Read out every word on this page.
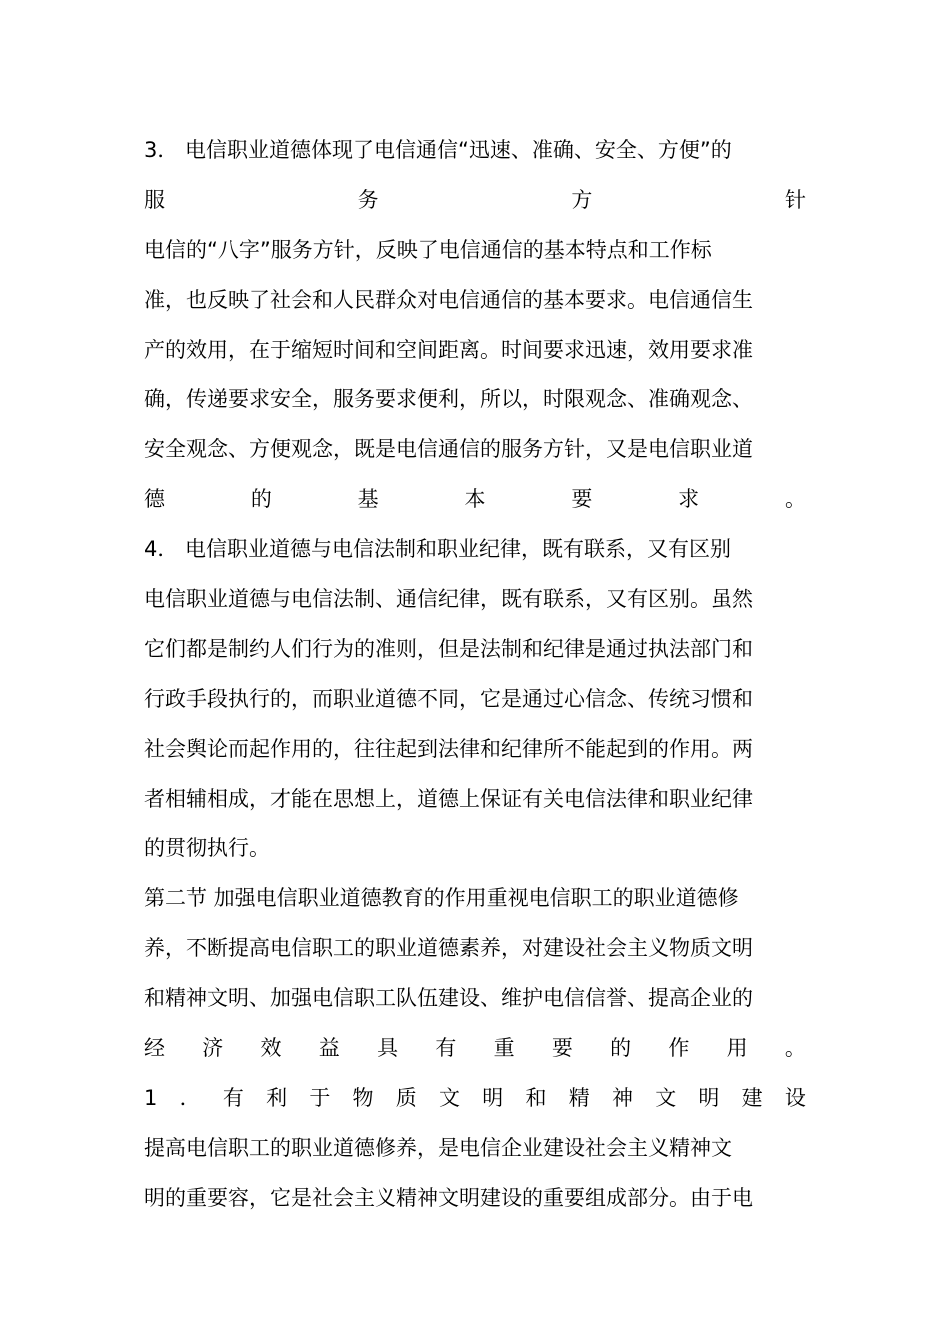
3． 电信职业道德体现了电信通信“迅速、准确、安全、方便”的
服	务	方	针
电信的“八字”服务方针，反映了电信通信的基本特点和工作标
准，也反映了社会和人民群众对电信通信的基本要求。电信通信生
产的效用，在于缩短时间和空间距离。时间要求迅速，效用要求准
确，传递要求安全，服务要求便利，所以，时限观念、准确观念、
安全观念、方便观念，既是电信通信的服务方针，又是电信职业道
德	的	基	本	要	求	。
4． 电信职业道德与电信法制和职业纪律，既有联系，又有区别
电信职业道德与电信法制、通信纪律，既有联系，又有区别。虽然
它们都是制约人们行为的准则，但是法制和纪律是通过执法部门和
行政手段执行的，而职业道德不同，它是通过心信念、传统习惯和
社会舆论而起作用的，往往起到法律和纪律所不能起到的作用。两
者相辅相成，才能在思想上，道德上保证有关电信法律和职业纪律
的贯彻执行。
第二节 加强电信职业道德教育的作用重视电信职工的职业道德修
养，不断提高电信职工的职业道德素养，对建设社会主义物质文明
和精神文明、加强电信职工队伍建设、维护电信信誉、提高企业的
经 济 效 益 具 有 重 要 的 作 用 。
1 ． 有 利 于 物 质 文 明 和 精 神 文 明 建 设
提高电信职工的职业道德修养，是电信企业建设社会主义精神文
明的重要容，它是社会主义精神文明建设的重要组成部分。由于电
